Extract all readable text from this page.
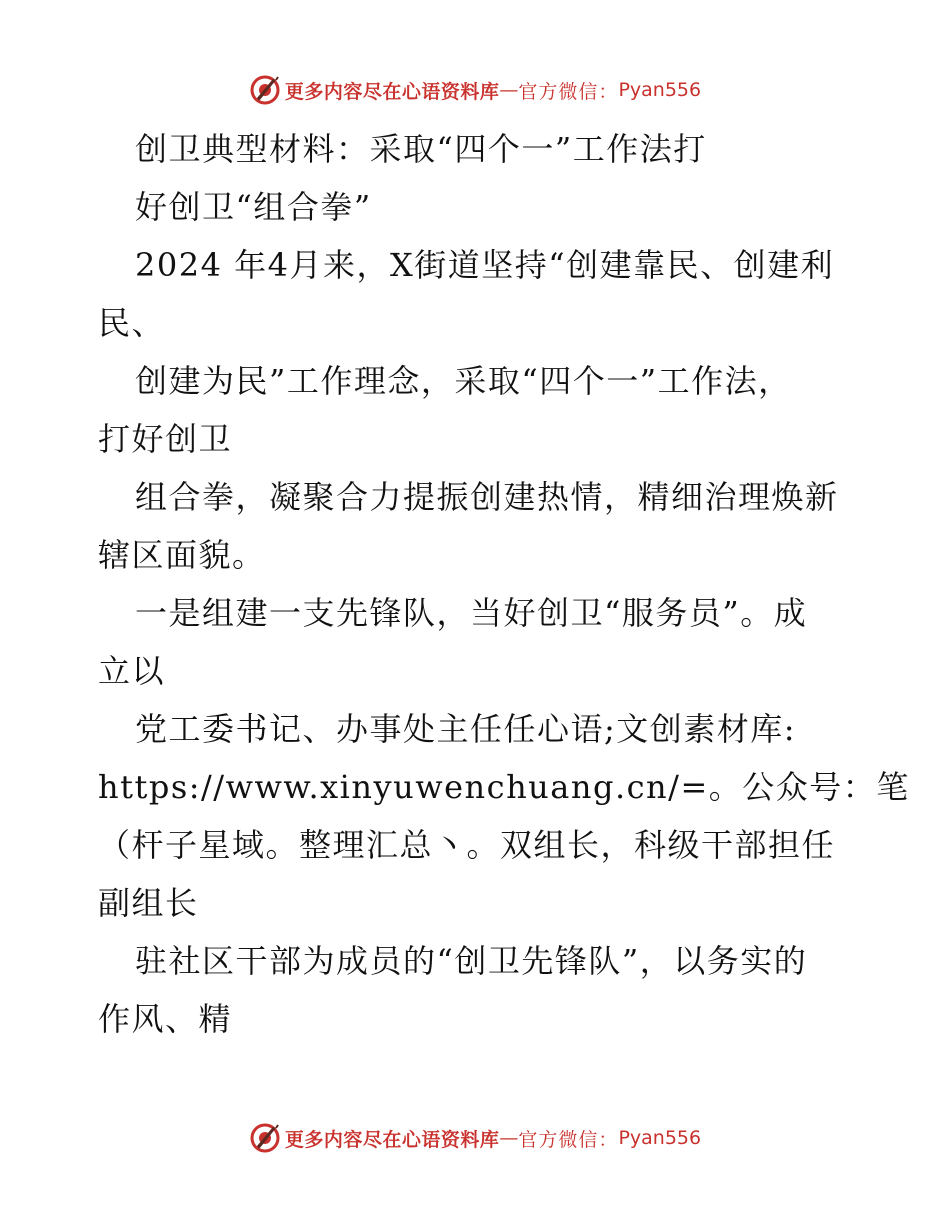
更多内容尽在心语资料库 — 官方微信： Pyan556
创卫典型材料：采取“四个一”工作法打
好创卫“组合拳”
2024 年4月来，X街道坚持“创建靠民、创建利
民、
创建为民”工作理念，采取“四个一”工作法，
打好创卫
组合拳，凝聚合力提振创建热情，精细治理焕新
辖区面貌。
一是组建一支先锋队，当好创卫“服务员”。成
立以
党工委书记、办事处主任任心语;文创素材库:
https://www.xinyuwenchuang.cn/=。公众号：笔
（杆子星域。整理汇总丶。双组长，科级干部担任
副组长
驻社区干部为成员的“创卫先锋队”，以务实的
作风、精
更多内容尽在心语资料库 — 官方微信： Pyan556
